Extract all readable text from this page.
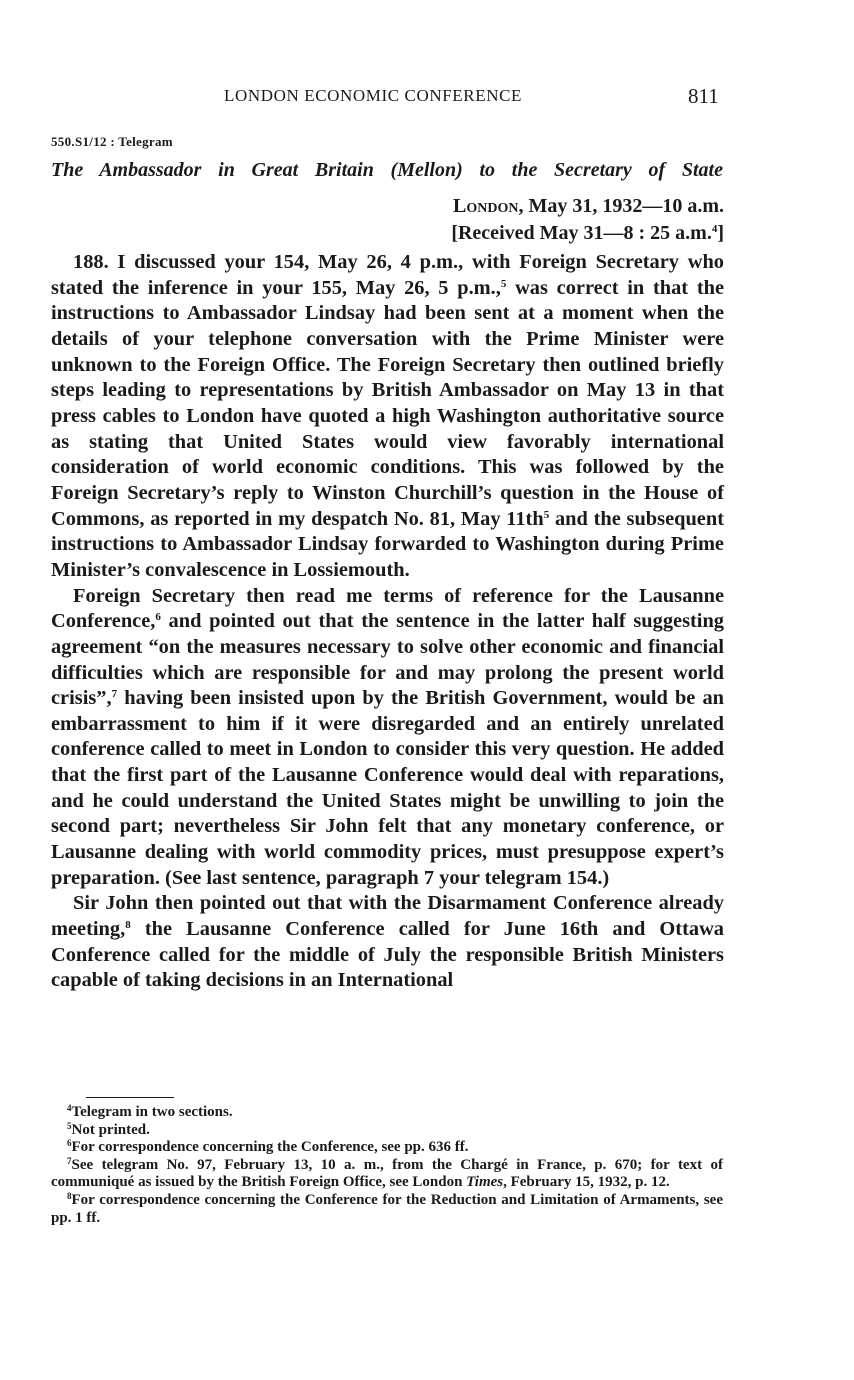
LONDON ECONOMIC CONFERENCE	811
550.S1/12 : Telegram
The Ambassador in Great Britain (Mellon) to the Secretary of State
London, May 31, 1932—10 a.m.
[Received May 31—8 : 25 a.m.$^4$]

188. I discussed your 154, May 26, 4 p.m., with Foreign Secretary who stated the inference in your 155, May 26, 5 p.m.,$^5$ was correct in that the instructions to Ambassador Lindsay had been sent at a moment when the details of your telephone conversation with the Prime Minister were unknown to the Foreign Office. The Foreign Secretary then outlined briefly steps leading to representations by British Ambassador on May 13 in that press cables to London have quoted a high Washington authoritative source as stating that United States would view favorably international consideration of world economic conditions. This was followed by the Foreign Secretary’s reply to Winston Churchill’s question in the House of Commons, as reported in my despatch No. 81, May $11th^5$ and the subsequent instructions to Ambassador Lindsay forwarded to Washington during Prime Minister’s convalescence in Lossiemouth.

Foreign Secretary then read me terms of reference for the Lausanne Conference,$^6$ and pointed out that the sentence in the latter half suggesting agreement “on the measures necessary to solve other economic and financial difficulties which are responsible for and may prolong the present world crisis”,$^7$ having been insisted upon by the British Government, would be an embarrassment to him if it were disregarded and an entirely unrelated conference called to meet in London to consider this very question. He added that the first part of the Lausanne Conference would deal with reparations, and he could understand the United States might be unwilling to join the second part; nevertheless Sir John felt that any monetary conference, or Lausanne dealing with world commodity prices, must presuppose expert’s preparation. (See last sentence, paragraph 7 your telegram 154.)

Sir John then pointed out that with the Disarmament Conference already meeting,$^8$ the Lausanne Conference called for June 16th and Ottawa Conference called for the middle of July the responsible British Ministers capable of taking decisions in an International

$^4$Telegram in two sections.

$^5$Not printed.

$^6$For correspondence concerning the Conference, see pp. 636 ff.

$^7$See telegram No. 97, February 13, 10 a. m., from the Chargé in France, p. 670; for text of communiqué as issued by the British Foreign Office, see London Times, February 15, 1932, p. 12.

$^8$For correspondence concerning the Conference for the Reduction and Limitation of Armaments, see pp. 1 ff.
